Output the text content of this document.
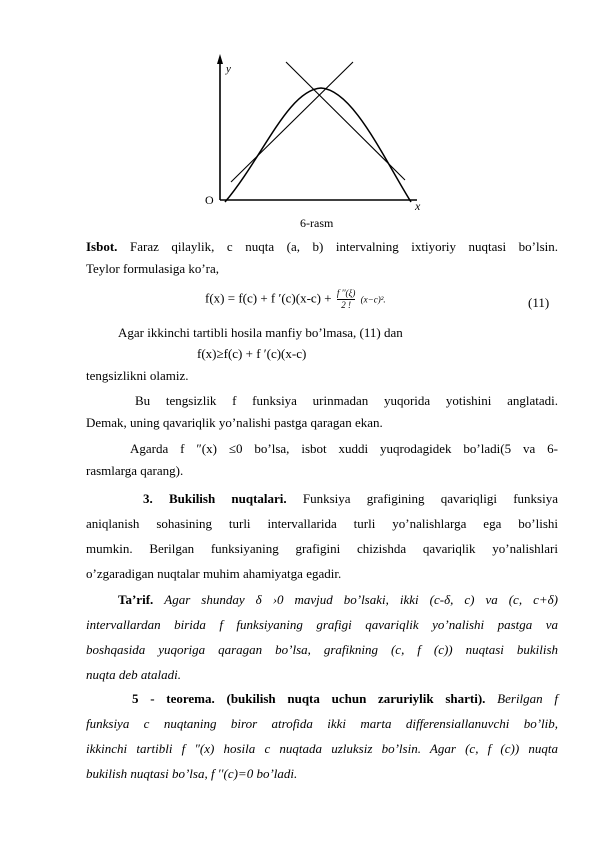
y
x
O
6-rasm
Isbot. Faraz qilaylik, c nuqta (a, b) intervalning ixtiyoriy nuqtasi bo’lsin.
Teylor formulasiga ko’ra,
f(x) = f(c) + f $'(c)(x-c) + \frac{f ''(\xi)}{2 !} (x-c)^2$.	(11)
Agar ikkinchi tartibli hosila manfiy bo’lmasa, (11) dan
f(x)≥f(c) + f ′(c)(x-c)
tengsizlikni olamiz.
Bu tengsizlik f funksiya urinmadan yuqorida yotishini anglatadi.
Demak, uning qavariqlik yo’nalishi pastga qaragan ekan.
Agarda f ″(x) ≤0 bo’lsa, isbot xuddi yuqrodagidek bo’ladi(5 va 6-
rasmlarga qarang).
3. Bukilish nuqtalari. Funksiya grafigining qavariqligi funksiya
aniqlanish sohasining turli intervallarida turli yo’nalishlarga ega bo’lishi
mumkin. Berilgan funksiyaning grafigini chizishda qavariqlik yo’nalishlari
o’zgaradigan nuqtalar muhim ahamiyatga egadir.
Ta’rif. Agar shunday δ ›0 mavjud bo’lsaki, ikki (c-δ, c) va (c, c+δ)
intervallardan birida f funksiyaning grafigi qavariqlik yo’nalishi pastga va
boshqasida yuqoriga qaragan bo’lsa, grafikning (c, f (c)) nuqtasi bukilish
nuqta deb ataladi.
5 - teorema. (bukilish nuqta uchun zaruriylik sharti). Berilgan f
funksiya c nuqtaning biror atrofida ikki marta differensiallanuvchi bo’lib,
ikkinchi tartibli f ″(x) hosila c nuqtada uzluksiz bo’lsin. Agar (c, f (c)) nuqta
bukilish nuqtasi bo’lsa, f ′′(c)=0 bo’ladi.
